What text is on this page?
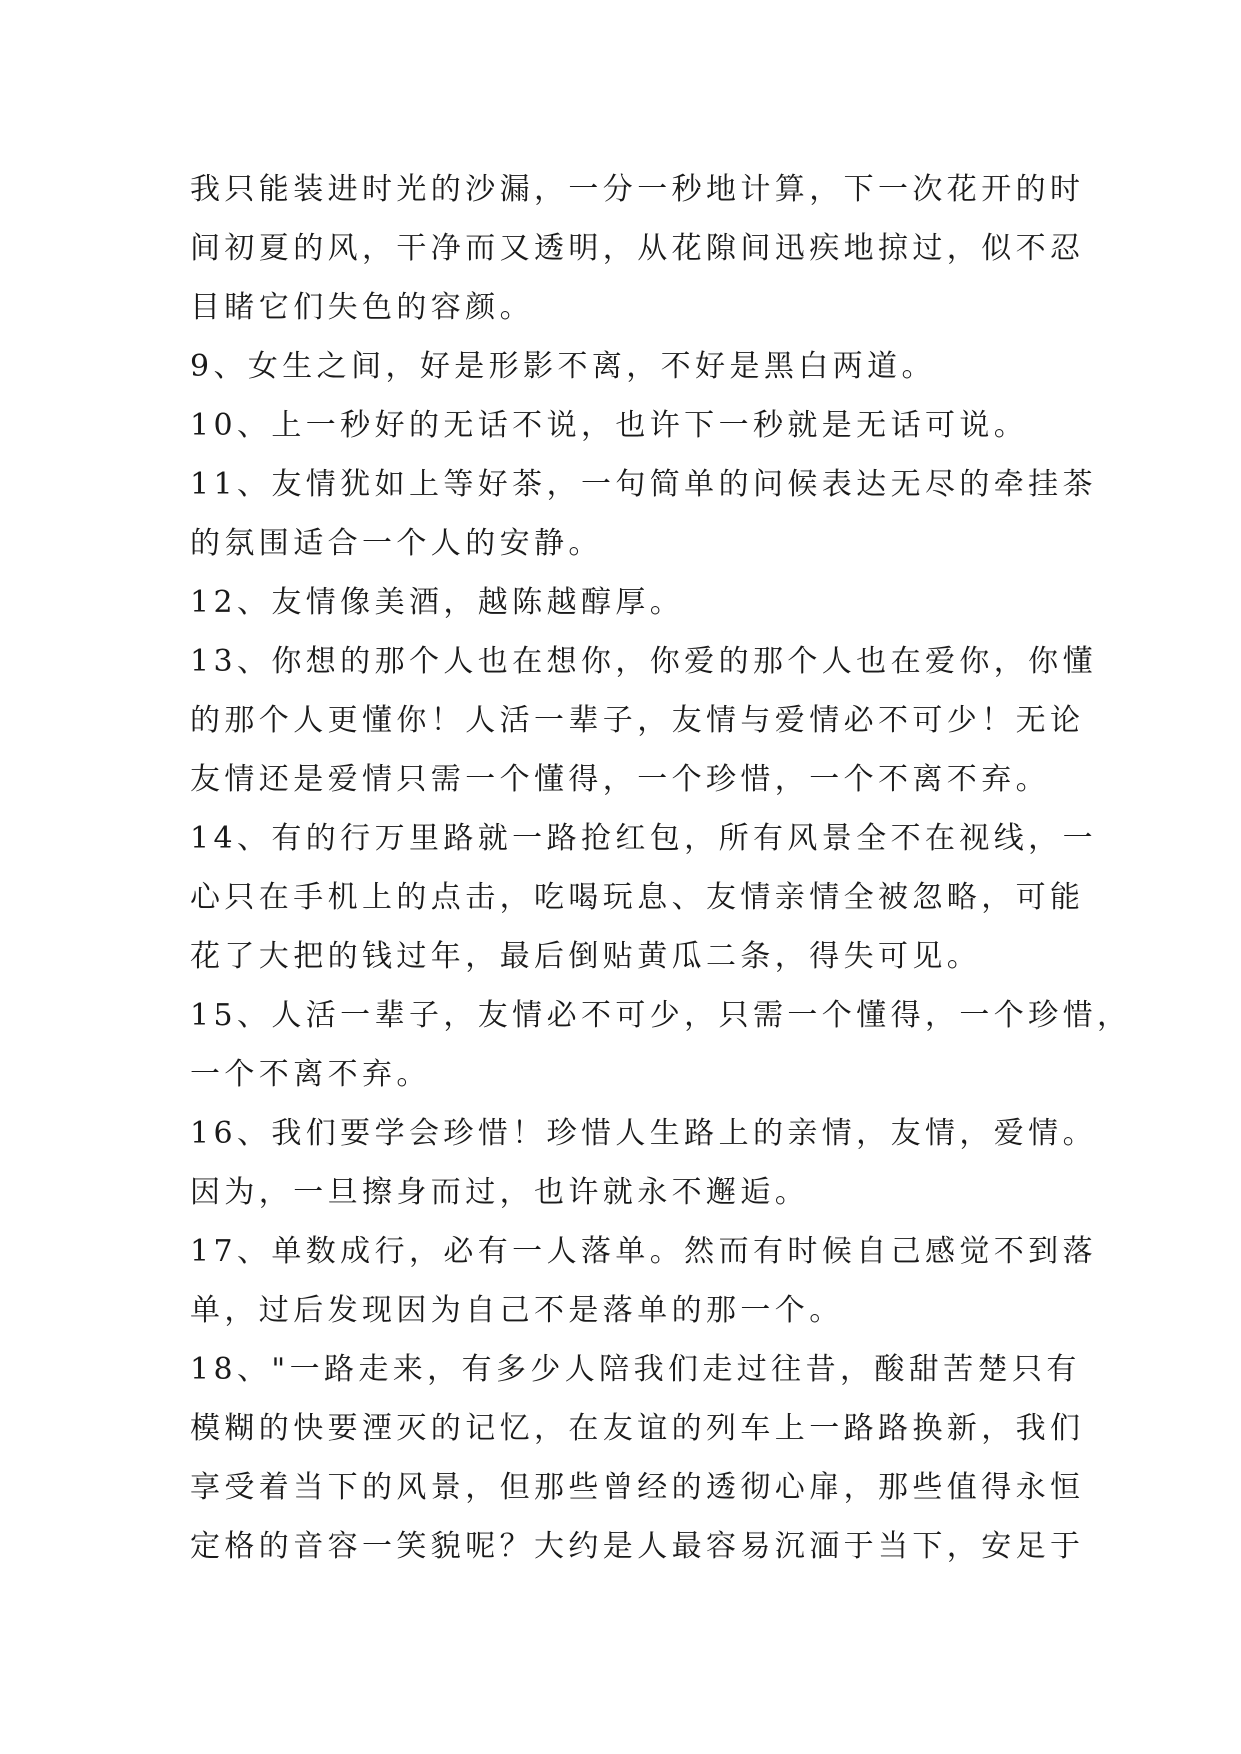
我只能装进时光的沙漏，一分一秒地计算，下一次花开的时
间初夏的风，干净而又透明，从花隙间迅疾地掠过，似不忍
目睹它们失色的容颜。
9、女生之间，好是形影不离，不好是黑白两道。
10、上一秒好的无话不说，也许下一秒就是无话可说。
11、友情犹如上等好茶，一句简单的问候表达无尽的牵挂茶
的氛围适合一个人的安静。
12、友情像美酒，越陈越醇厚。
13、你想的那个人也在想你，你爱的那个人也在爱你，你懂
的那个人更懂你！人活一辈子，友情与爱情必不可少！无论
友情还是爱情只需一个懂得，一个珍惜，一个不离不弃。
14、有的行万里路就一路抢红包，所有风景全不在视线，一
心只在手机上的点击，吃喝玩息、友情亲情全被忽略，可能
花了大把的钱过年，最后倒贴黄瓜二条，得失可见。
15、人活一辈子，友情必不可少，只需一个懂得，一个珍惜，
一个不离不弃。
16、我们要学会珍惜！珍惜人生路上的亲情，友情，爱情。
因为，一旦擦身而过，也许就永不邂逅。
17、单数成行，必有一人落单。然而有时候自己感觉不到落
单，过后发现因为自己不是落单的那一个。
18、"一路走来，有多少人陪我们走过往昔，酸甜苦楚只有
模糊的快要湮灭的记忆，在友谊的列车上一路路换新，我们
享受着当下的风景，但那些曾经的透彻心扉，那些值得永恒
定格的音容一笑貌呢？大约是人最容易沉湎于当下，安足于
